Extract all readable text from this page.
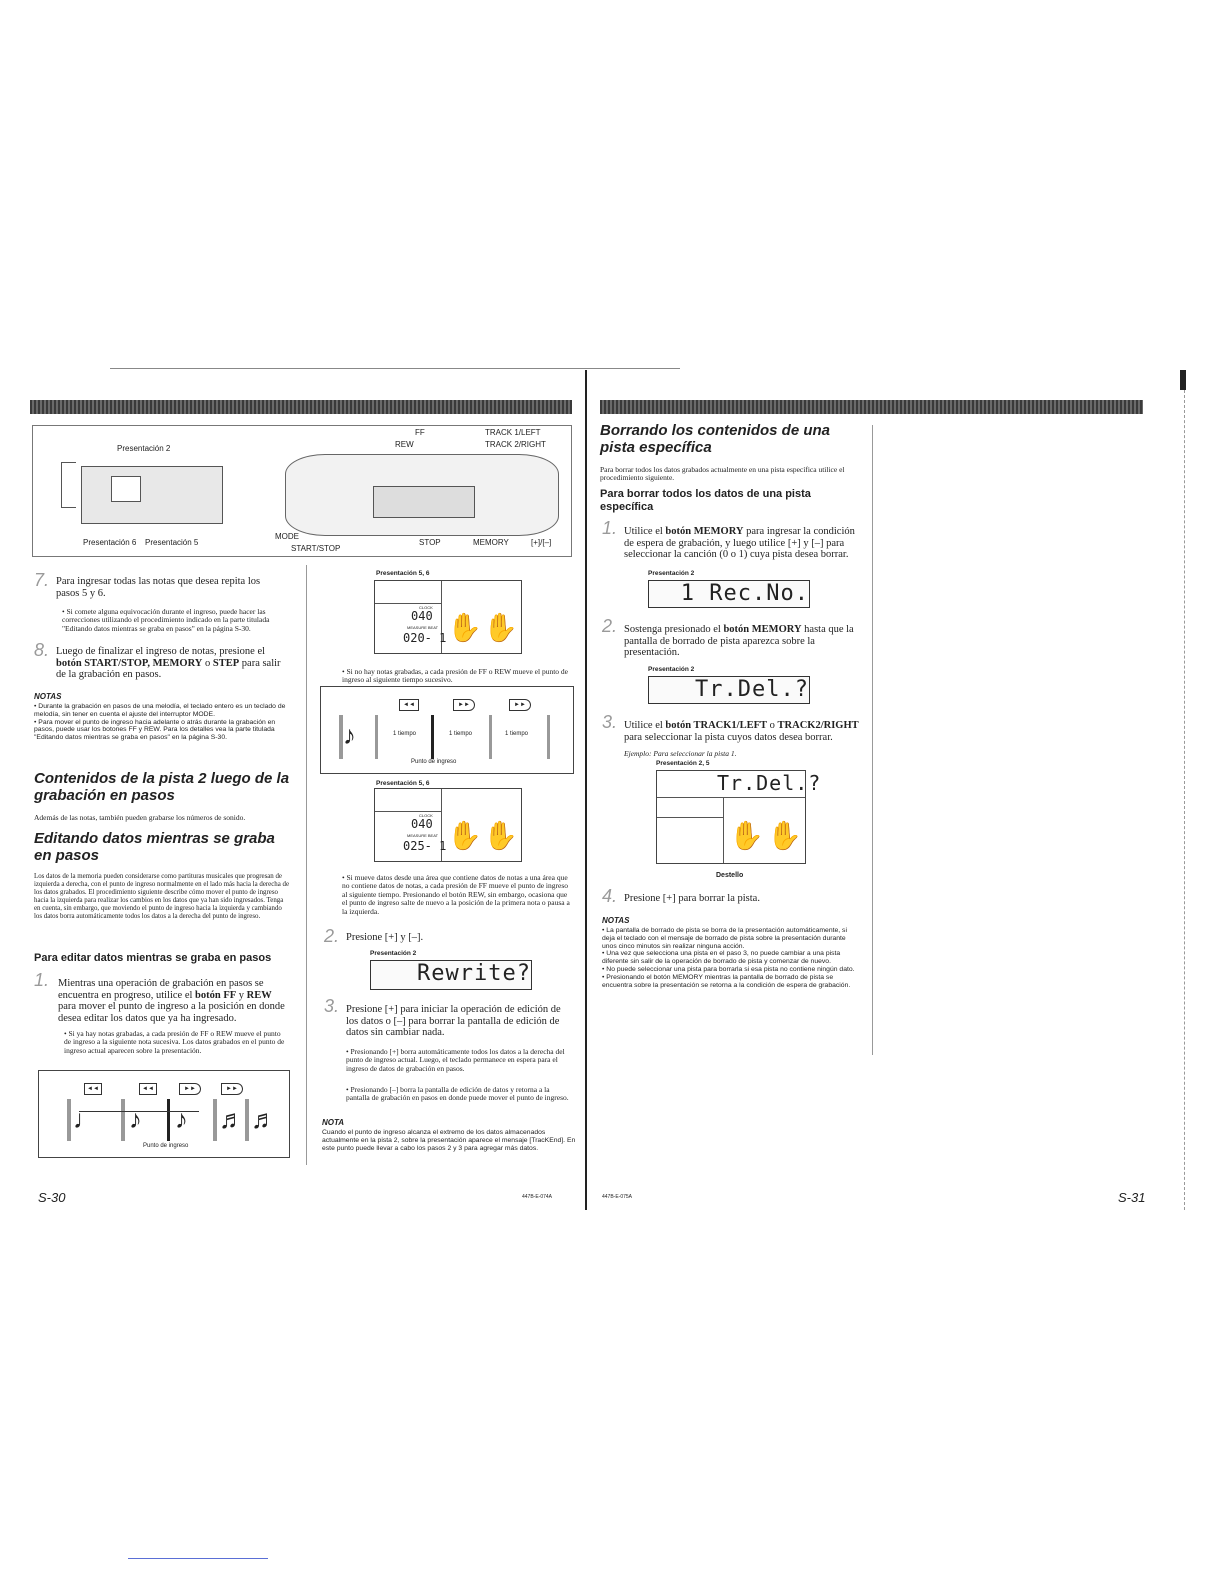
Presentación 2
Presentación 6 Presentación 5
FF
REW
TRACK 1/LEFT
TRACK 2/RIGHT
MODE
START/STOP
STOP	MEMORY	[+]/[–]
7. Para ingresar todas las notas que desea repita los pasos 5 y 6.

• Si comete alguna equivocación durante el ingreso, puede hacer las correcciones utilizando el procedimiento indicado en la parte titulada "Editando datos mientras se graba en pasos" en la página S-30.

8. Luego de finalizar el ingreso de notas, presione el botón START/STOP, MEMORY o STEP para salir de la grabación en pasos.

NOTAS
• Durante la grabación en pasos de una melodía, el teclado entero es un teclado de melodía, sin tener en cuenta el ajuste del interruptor MODE.
• Para mover el punto de ingreso hacia adelante o atrás durante la grabación en pasos, puede usar los botones FF y REW. Para los detalles vea la parte titulada "Editando datos mientras se graba en pasos" en la página S-30.
Contenidos de la pista 2 luego de la grabación en pasos

Además de las notas, también pueden grabarse los números de sonido.

Editando datos mientras se graba en pasos

Los datos de la memoria pueden considerarse como partituras musicales que progresan de izquierda a derecha, con el punto de ingreso normalmente en el lado más hacia la derecha de los datos grabados. El procedimiento siguiente describe cómo mover el punto de ingreso hacia la izquierda para realizar los cambios en los datos que ya han sido ingresados. Tenga en cuenta, sin embargo, que moviendo el punto de ingreso hacia la izquierda y cambiando los datos borra automáticamente todos los datos a la derecha del punto de ingreso.

Para editar datos mientras se graba en pasos
1. Mientras una operación de grabación en pasos se encuentra en progreso, utilice el botón FF y REW para mover el punto de ingreso a la posición en donde desea editar los datos que ya ha ingresado.

• Si ya hay notas grabadas, a cada presión de FF o REW mueve el punto de ingreso a la siguiente nota sucesiva. Los datos grabados en el punto de ingreso actual aparecen sobre la presentación.

◄◄	◄◄	►►	►►
♩ ♪ ♪ ♬ ♬
Punto de ingreso
S-30
Presentación 5, 6
CLOCK
040
MEASURE BEAT
020- 1 ✋ ✋

• Si no hay notas grabadas, a cada presión de FF o REW mueve el punto de ingreso al siguiente tiempo sucesivo.

◄◄	►►	►►
♪	1 tiempo	1 tiempo	1 tiempo
Punto de ingreso
Presentación 5, 6
CLOCK
040
MEASURE BEAT
025- 1 ✋ ✋

• Si mueve datos desde una área que contiene datos de notas a una área que no contiene datos de notas, a cada presión de FF mueve el punto de ingreso al siguiente tiempo. Presionando el botón REW, sin embargo, ocasiona que el punto de ingreso salte de nuevo a la posición de la primera nota o pausa a la izquierda.

2. Presione [+] y [–].

Presentación 2
Rewrite?
3. Presione [+] para iniciar la operación de edición de los datos o [–] para borrar la pantalla de edición de datos sin cambiar nada.

• Presionando [+] borra automáticamente todos los datos a la derecha del punto de ingreso actual. Luego, el teclado permanece en espera para el ingreso de datos de grabación en pasos.

• Presionando [–] borra la pantalla de edición de datos y retorna a la pantalla de grabación en pasos en donde puede mover el punto de ingreso.

NOTA

Cuando el punto de ingreso alcanza el extremo de los datos almacenados actualmente en la pista 2, sobre la presentación aparece el mensaje [TracKEnd]. En este punto puede llevar a cabo los pasos 2 y 3 para agregar más datos.

447B-E-074A
Borrando los contenidos de una pista específica

Para borrar todos los datos grabados actualmente en una pista específica utilice el procedimiento siguiente.

Para borrar todos los datos de una pista específica
1. Utilice el botón MEMORY para ingresar la condición de espera de grabación, y luego utilice [+] y [–] para seleccionar la canción (0 o 1) cuya pista desea borrar.

Presentación 2
1 Rec.No.
2. Sostenga presionado el botón MEMORY hasta que la pantalla de borrado de pista aparezca sobre la presentación.

Presentación 2
Tr.Del.?
3. Utilice el botón TRACK1/LEFT o TRACK2/RIGHT para seleccionar la pista cuyos datos desea borrar.

Ejemplo: Para seleccionar la pista 1.

Presentación 2, 5
Tr.Del.?
✋ ✋
Destello
4. Presione [+] para borrar la pista.

NOTAS
• La pantalla de borrado de pista se borra de la presentación automáticamente, si deja el teclado con el mensaje de borrado de pista sobre la presentación durante unos cinco minutos sin realizar ninguna acción.
• Una vez que selecciona una pista en el paso 3, no puede cambiar a una pista diferente sin salir de la operación de borrado de pista y comenzar de nuevo.
• No puede seleccionar una pista para borrarla si esa pista no contiene ningún dato.
• Presionando el botón MEMORY mientras la pantalla de borrado de pista se encuentra sobre la presentación se retorna a la condición de espera de grabación.
447B-E-075A	S-31
